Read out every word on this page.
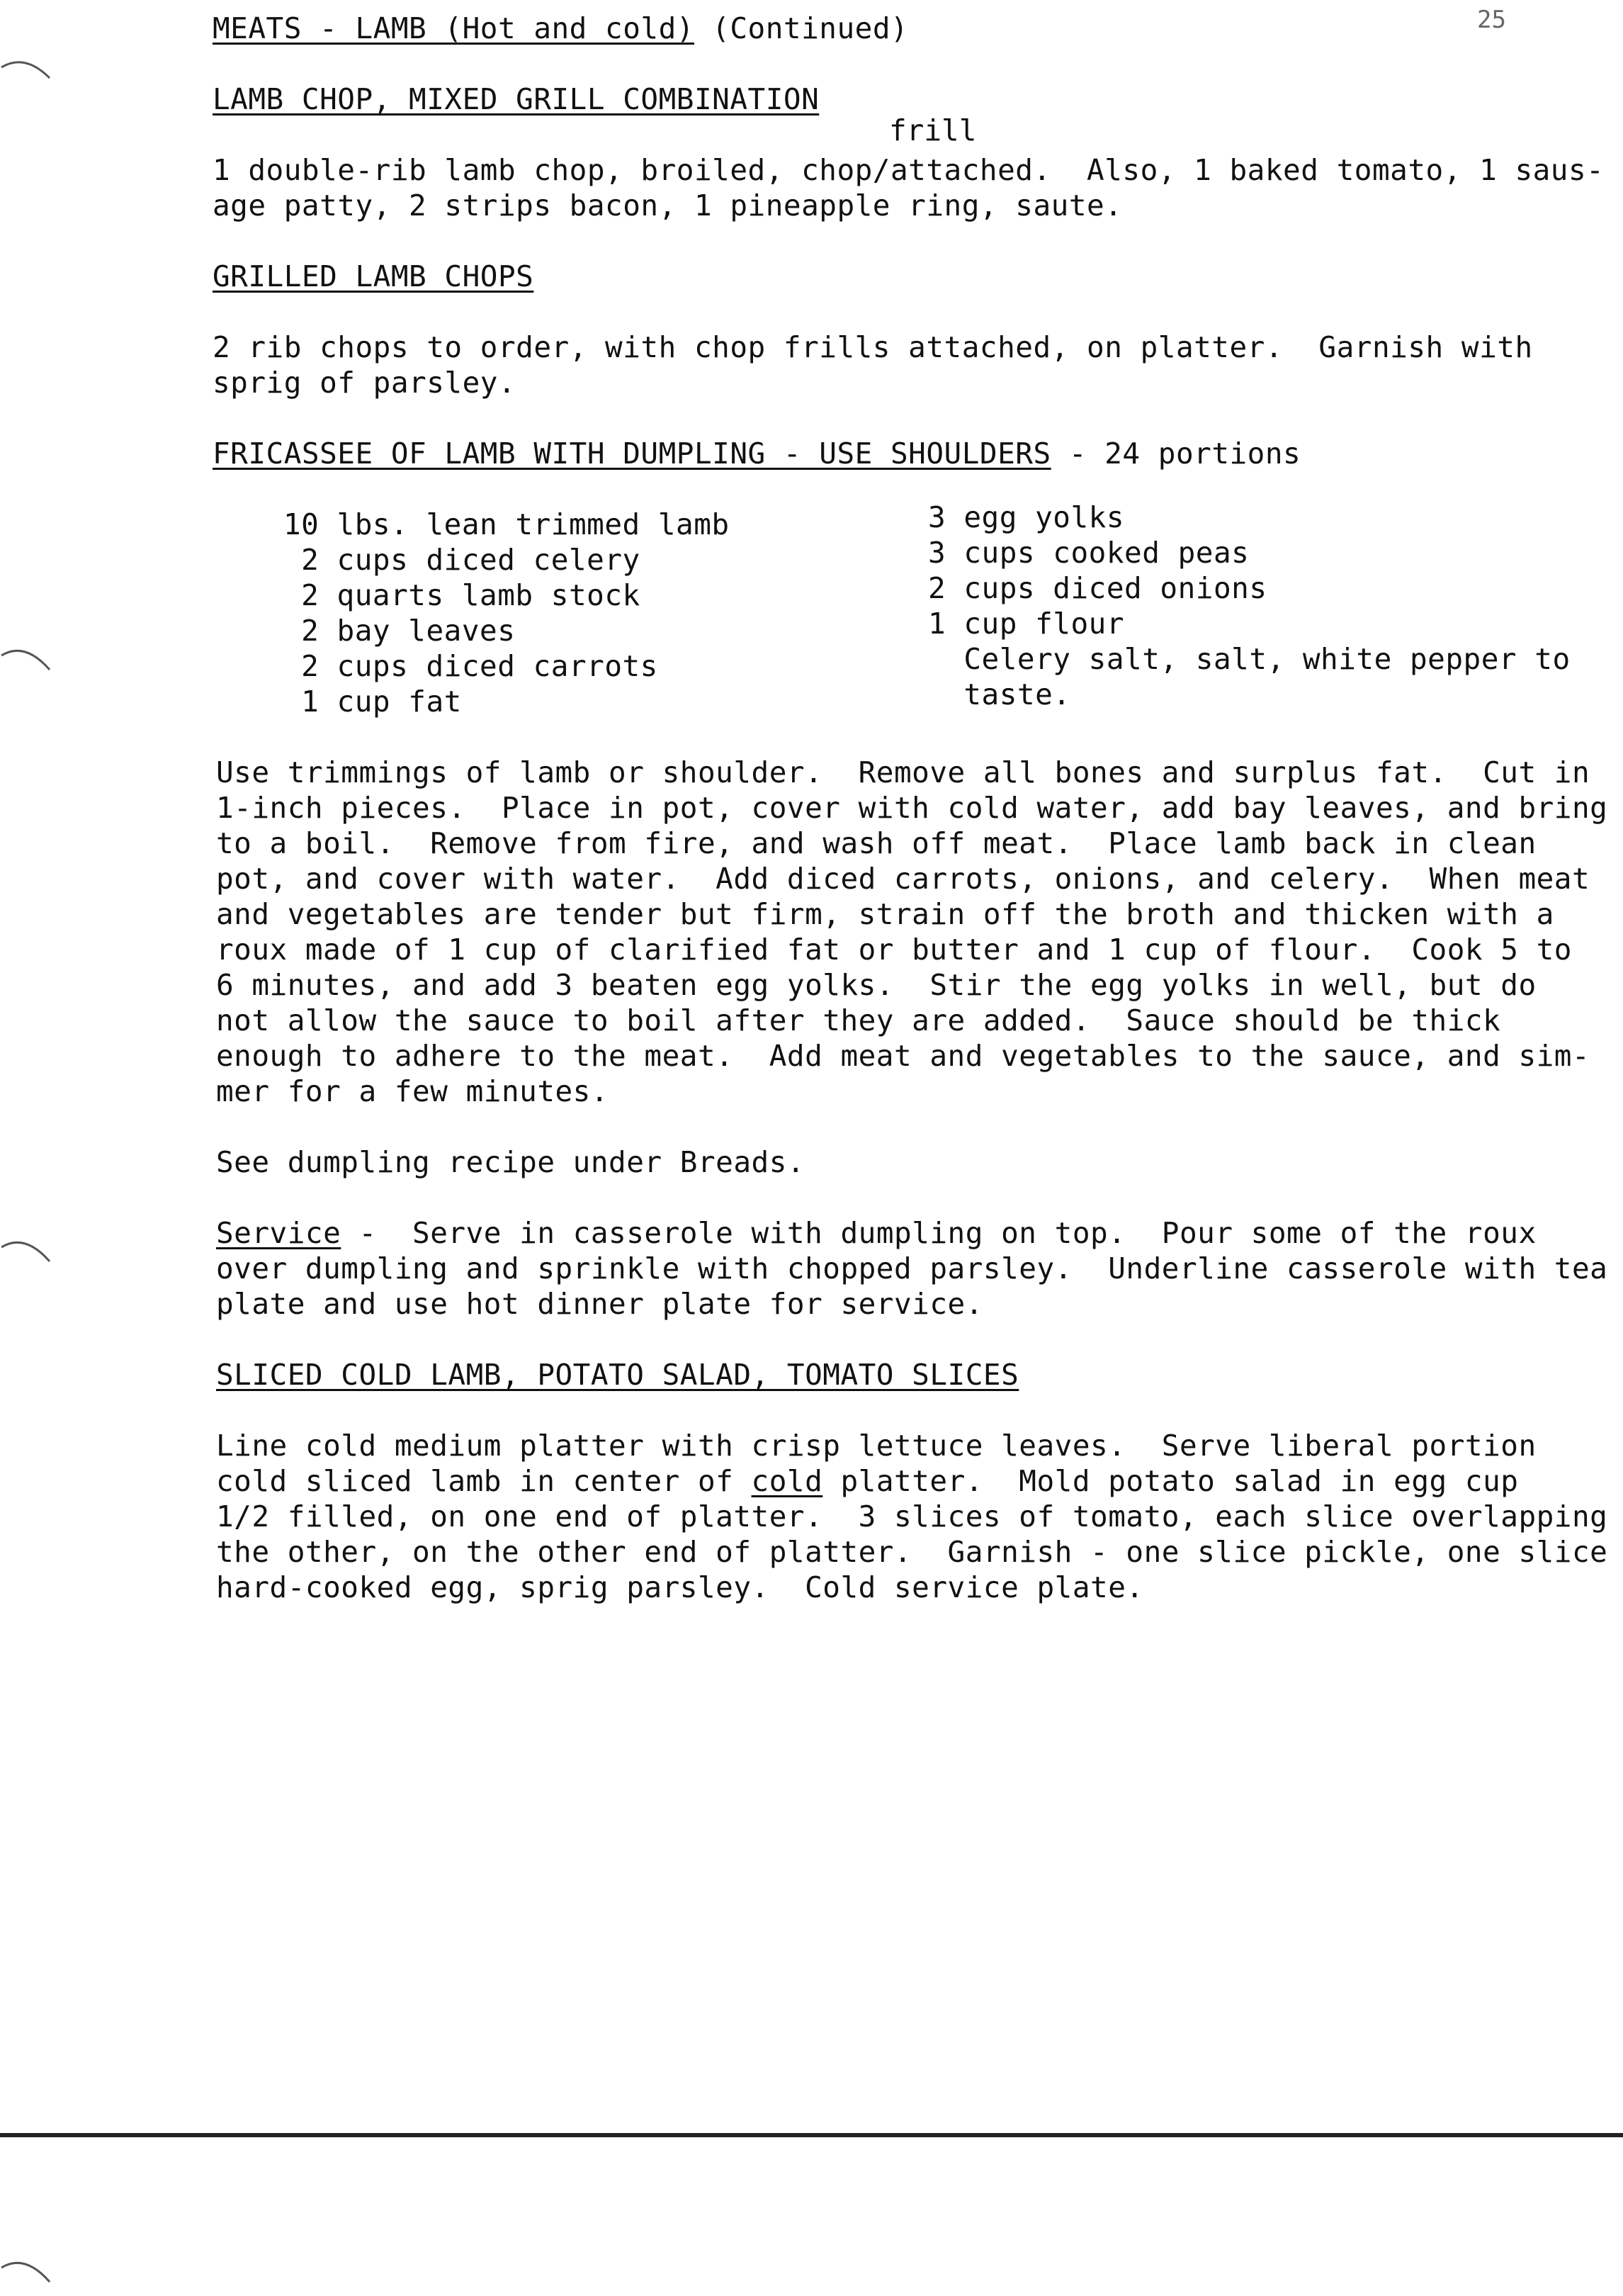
25
MEATS - LAMB (Hot and cold) (Continued)
LAMB CHOP, MIXED GRILL COMBINATION
frill
1 double-rib lamb chop, broiled, chop/attached.  Also, 1 baked tomato, 1 saus-
age patty, 2 strips bacon, 1 pineapple ring, saute.
GRILLED LAMB CHOPS
2 rib chops to order, with chop frills attached, on platter.  Garnish with
sprig of parsley.
FRICASSEE OF LAMB WITH DUMPLING - USE SHOULDERS - 24 portions
10 lbs. lean trimmed lamb
2 cups diced celery
2 quarts lamb stock
2 bay leaves
2 cups diced carrots
1 cup fat
3 egg yolks
3 cups cooked peas
2 cups diced onions
1 cup flour
Celery salt, salt, white pepper to
taste.
Use trimmings of lamb or shoulder.  Remove all bones and surplus fat.  Cut in
1-inch pieces.  Place in pot, cover with cold water, add bay leaves, and bring
to a boil.  Remove from fire, and wash off meat.  Place lamb back in clean
pot, and cover with water.  Add diced carrots, onions, and celery.  When meat
and vegetables are tender but firm, strain off the broth and thicken with a
roux made of 1 cup of clarified fat or butter and 1 cup of flour.  Cook 5 to
6 minutes, and add 3 beaten egg yolks.  Stir the egg yolks in well, but do
not allow the sauce to boil after they are added.  Sauce should be thick
enough to adhere to the meat.  Add meat and vegetables to the sauce, and sim-
mer for a few minutes.
See dumpling recipe under Breads.
Service -  Serve in casserole with dumpling on top.  Pour some of the roux
over dumpling and sprinkle with chopped parsley.  Underline casserole with tea
plate and use hot dinner plate for service.
SLICED COLD LAMB, POTATO SALAD, TOMATO SLICES
Line cold medium platter with crisp lettuce leaves.  Serve liberal portion
cold sliced lamb in center of cold platter.  Mold potato salad in egg cup
1/2 filled, on one end of platter.  3 slices of tomato, each slice overlapping
the other, on the other end of platter.  Garnish - one slice pickle, one slice
hard-cooked egg, sprig parsley.  Cold service plate.
